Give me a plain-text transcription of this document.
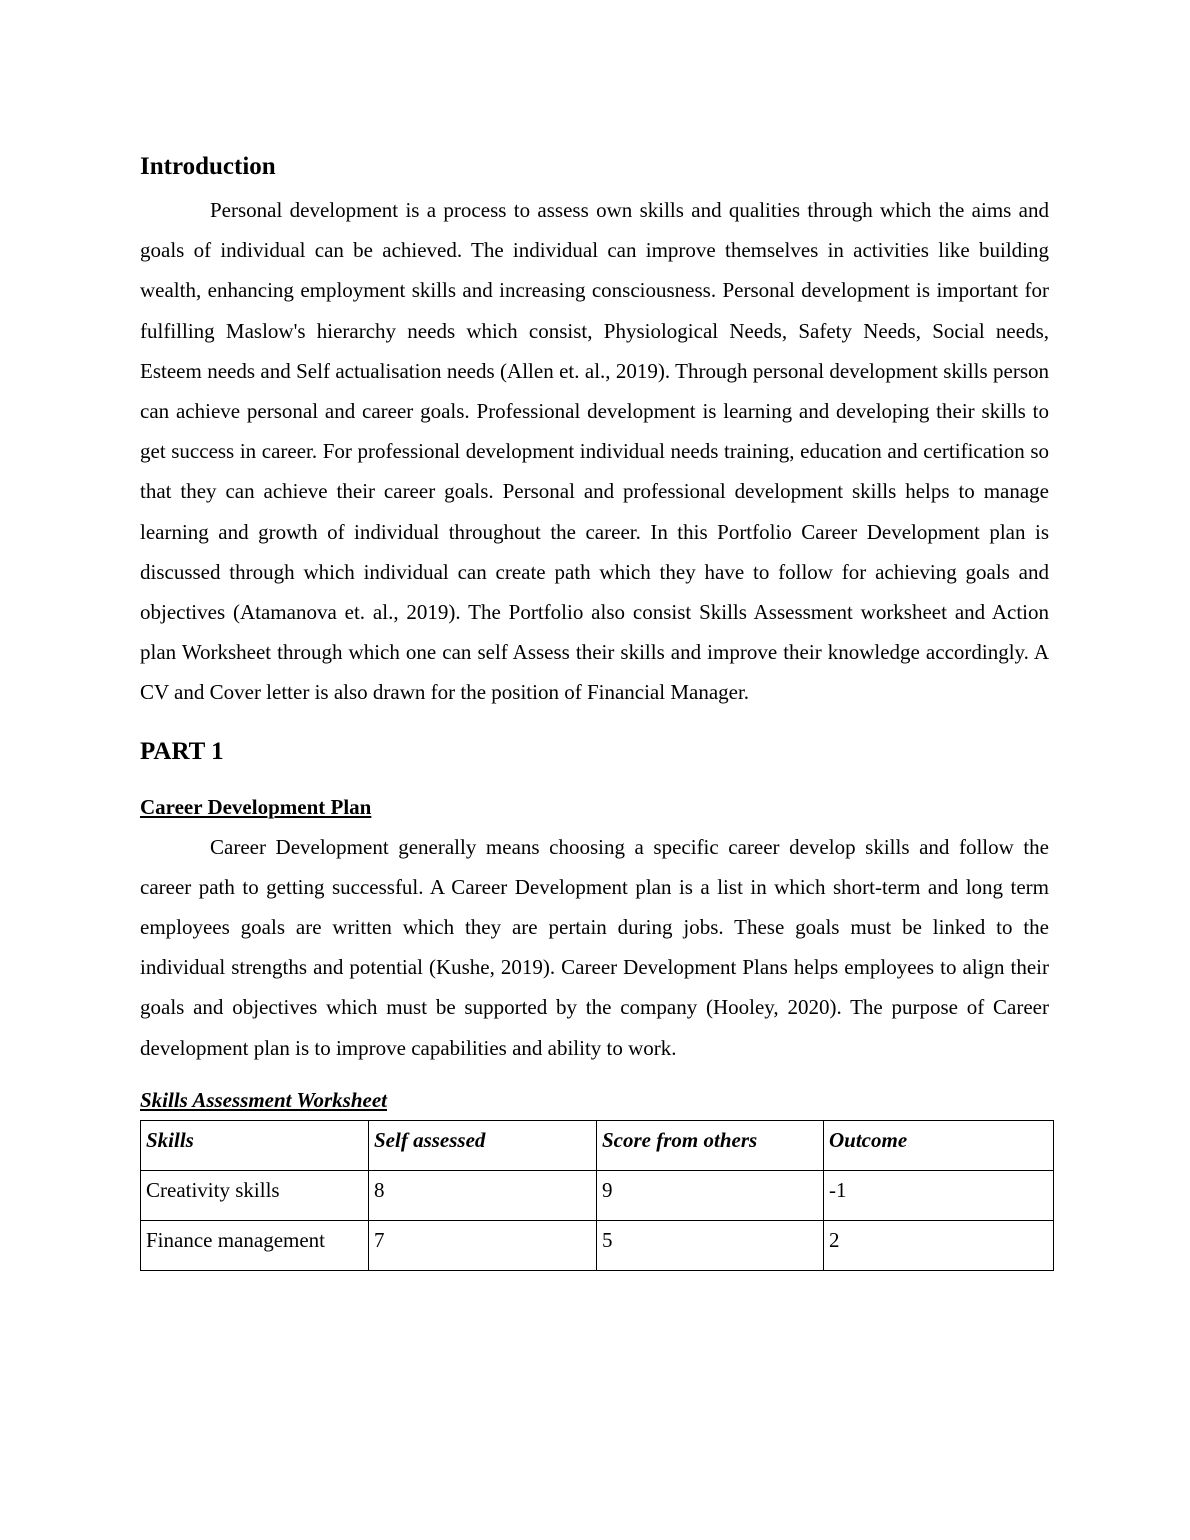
Introduction

Personal development is a process to assess own skills and qualities through which the aims and goals of individual can be achieved. The individual can improve themselves in activities like building wealth, enhancing employment skills and increasing consciousness. Personal development is important for fulfilling Maslow's hierarchy needs which consist, Physiological Needs, Safety Needs, Social needs, Esteem needs and Self actualisation needs (Allen et. al., 2019). Through personal development skills person can achieve personal and career goals. Professional development is learning and developing their skills to get success in career. For professional development individual needs training, education and certification so that they can achieve their career goals. Personal and professional development skills helps to manage learning and growth of individual throughout the career. In this Portfolio Career Development plan is discussed through which individual can create path which they have to follow for achieving goals and objectives (Atamanova et. al., 2019). The Portfolio also consist Skills Assessment worksheet and Action plan Worksheet through which one can self Assess their skills and improve their knowledge accordingly. A CV and Cover letter is also drawn for the position of Financial Manager.

PART 1
Career Development Plan

Career Development generally means choosing a specific career develop skills and follow the career path to getting successful. A Career Development plan is a list in which short-term and long term employees goals are written which they are pertain during jobs. These goals must be linked to the individual strengths and potential (Kushe, 2019). Career Development Plans helps employees to align their goals and objectives which must be supported by the company (Hooley, 2020). The purpose of Career development plan is to improve capabilities and ability to work.

Skills Assessment Worksheet
Skills	Self assessed	Score from others	Outcome
Creativity skills	8	9	-1
Finance management	7	5	2
